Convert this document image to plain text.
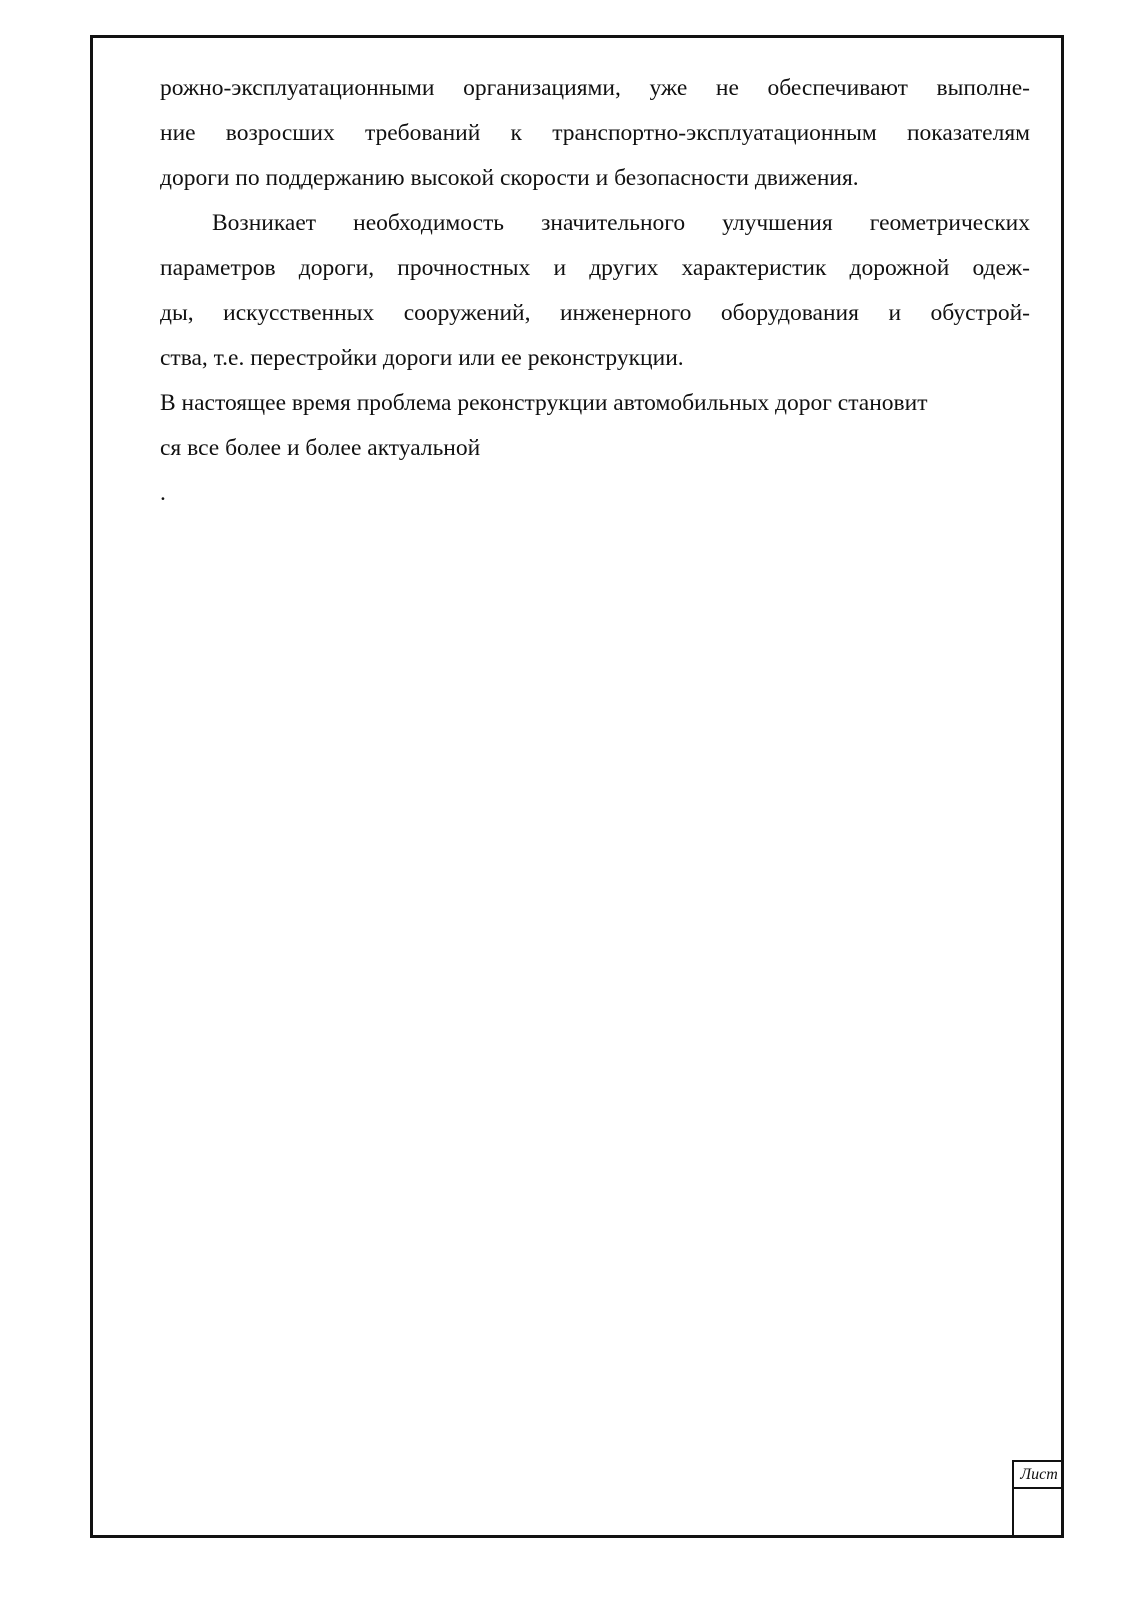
рожно-эксплуатационными организациями, уже не обеспечивают выполне-
ние возросших требований к транспортно-эксплуатационным показателям
дороги по поддержанию высокой скорости и безопасности движения.

Возникает необходимость значительного улучшения геометрических
параметров дороги, прочностных и других характеристик дорожной одеж-
ды, искусственных сооружений, инженерного оборудования и обустрой-
ства, т.е. перестройки дороги или ее реконструкции.

В настоящее время проблема реконструкции автомобильных дорог становит
ся все более и более актуальной
.

Лист
